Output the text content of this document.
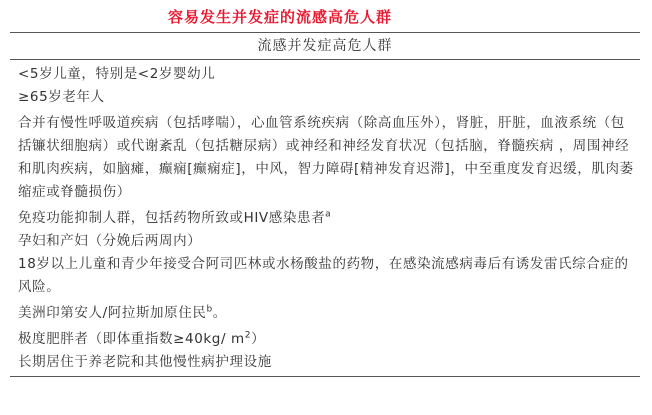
容易发生并发症的流感高危人群
流感并发症高危人群
<5岁儿童，特别是<2岁婴幼儿
≥65岁老年人
合并有慢性呼吸道疾病（包括哮喘），心血管系统疾病（除高血压外），肾脏，肝脏，血液系统（包括镰状细胞病）或代谢紊乱（包括糖尿病）或神经和神经发育状况（包括脑，脊髓疾病 ，周围神经和肌肉疾病，如脑瘫，癫痫[癫痫症]，中风，智力障碍[精神发育迟滞]，中至重度发育迟缓，肌肉萎缩症或脊髓损伤）
免疫功能抑制人群，包括药物所致或HIV感染患者$^a$
孕妇和产妇（分娩后两周内）
18岁以上儿童和青少年接受合阿司匹林或水杨酸盐的药物，在感染流感病毒后有诱发雷氏综合症的风险。
美洲印第安人/阿拉斯加原住民$^b$。
极度肥胖者（即体重指数≥40kg/ $m^2$）
长期居住于养老院和其他慢性病护理设施
